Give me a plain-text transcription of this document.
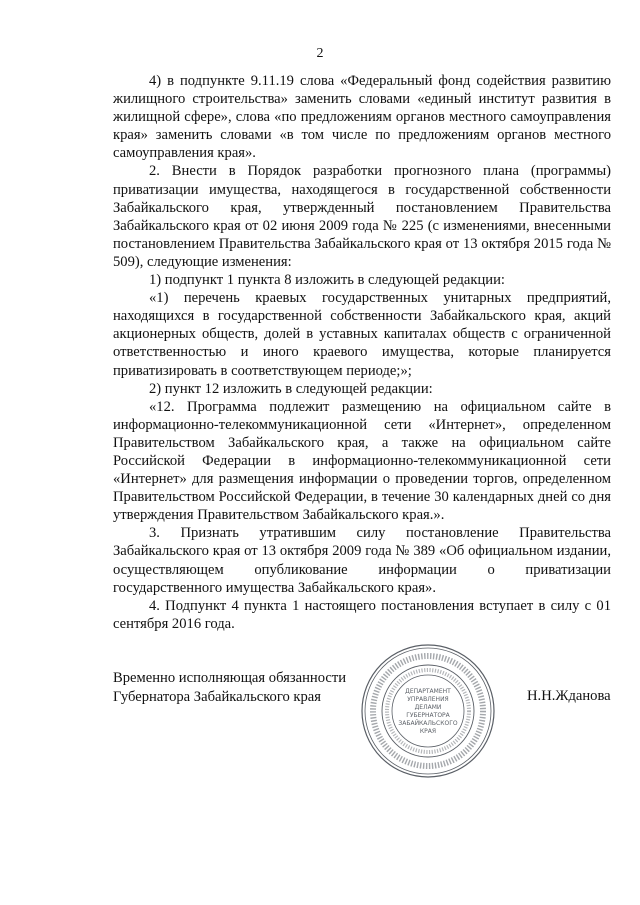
2

4) в подпункте 9.11.19 слова «Федеральный фонд содействия развитию жилищного строительства» заменить словами «единый институт развития в жилищной сфере», слова «по предложениям органов местного самоуправления края» заменить словами «в том числе по предложениям органов местного самоуправления края».

2. Внести в Порядок разработки прогнозного плана (программы) приватизации имущества, находящегося в государственной собственности Забайкальского края, утвержденный постановлением Правительства Забайкальского края от 02 июня 2009 года № 225 (с изменениями, внесенными постановлением Правительства Забайкальского края от 13 октября 2015 года № 509), следующие изменения:

1) подпункт 1 пункта 8 изложить в следующей редакции:

«1) перечень краевых государственных унитарных предприятий, находящихся в государственной собственности Забайкальского края, акций акционерных обществ, долей в уставных капиталах обществ с ограниченной ответственностью и иного краевого имущества, которые планируется приватизировать в соответствующем периоде;»;

2) пункт 12 изложить в следующей редакции:

«12. Программа подлежит размещению на официальном сайте в информационно-телекоммуникационной сети «Интернет», определенном Правительством Забайкальского края, а также на официальном сайте Российской Федерации в информационно-телекоммуникационной сети «Интернет» для размещения информации о проведении торгов, определенном Правительством Российской Федерации, в течение 30 календарных дней со дня утверждения Правительством Забайкальского края.».

3. Признать утратившим силу постановление Правительства Забайкальского края от 13 октября 2009 года № 389 «Об официальном издании, осуществляющем опубликование информации о приватизации государственного имущества Забайкальского края».

4. Подпункт 4 пункта 1 настоящего постановления вступает в силу с 01 сентября 2016 года.

Временно исполняющая обязанности
Губернатора Забайкальского края	ДЕПАРТАМЕНТ
УПРАВЛЕНИЯ
ДЕЛАМИ
ГУБЕРНАТОРА
ЗАБАЙКАЛЬСКОГО
КРАЯ

Н.Н.Жданова
